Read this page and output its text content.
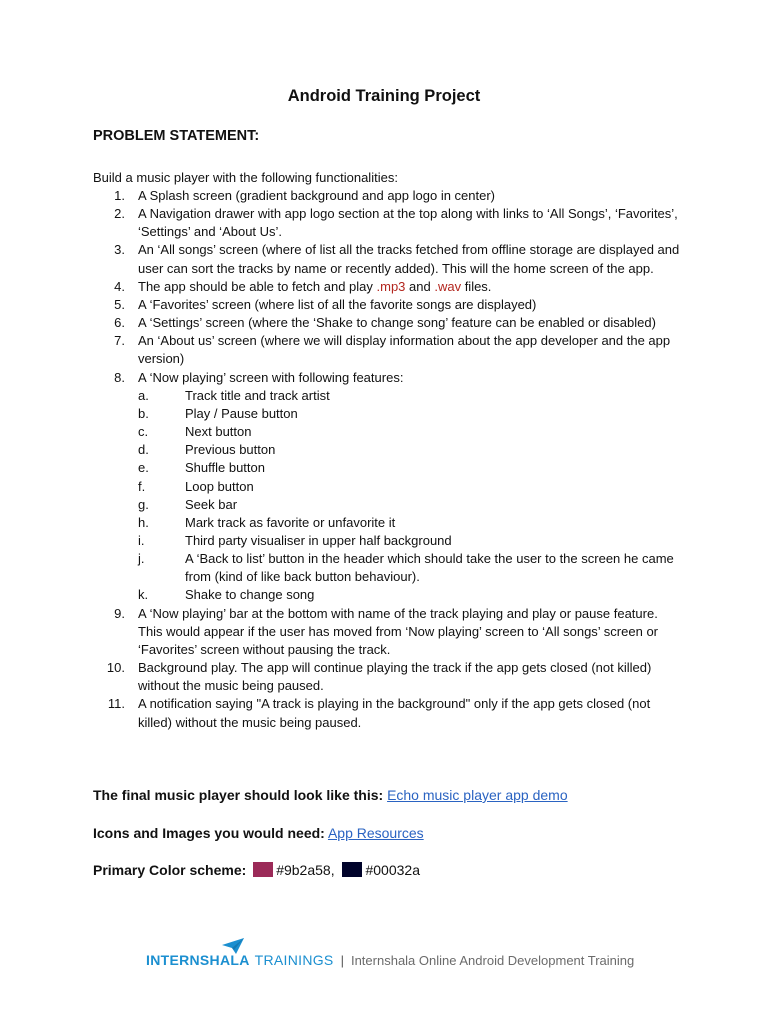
Android Training Project
PROBLEM STATEMENT:
Build a music player with the following functionalities:
1. A Splash screen (gradient background and app logo in center)
2. A Navigation drawer with app logo section at the top along with links to ‘All Songs’, ‘Favorites’, ‘Settings’ and ‘About Us’.
3. An ‘All songs’ screen (where of list all the tracks fetched from offline storage are displayed and user can sort the tracks by name or recently added). This will the home screen of the app.
4. The app should be able to fetch and play .mp3 and .wav files.
5. A ‘Favorites’ screen (where list of all the favorite songs are displayed)
6. A ‘Settings’ screen (where the ‘Shake to change song’ feature can be enabled or disabled)
7. An ‘About us’ screen (where we will display information about the app developer and the app version)
8. A ‘Now playing’ screen with following features:
a.	Track title and track artist
b.	Play / Pause button
c.	Next button
d.	Previous button
e.	Shuffle button
f.	Loop button
g.	Seek bar
h.	Mark track as favorite or unfavorite it
i.	Third party visualiser in upper half background
j.	A ‘Back to list’ button in the header which should take the user to the screen he came from (kind of like back button behaviour).
k.	Shake to change song
9. A ‘Now playing’ bar at the bottom with name of the track playing and play or pause feature. This would appear if the user has moved from ‘Now playing’ screen to ‘All songs’ screen or ‘Favorites’ screen without pausing the track.
10. Background play. The app will continue playing the track if the app gets closed (not killed) without the music being paused.
11. A notification saying "A track is playing in the background" only if the app gets closed (not killed) without the music being paused.
The final music player should look like this: Echo music player app demo
Icons and Images you would need: App Resources
Primary Color scheme: #9b2a58, #00032a
INTERNSHALA TRAININGS | Internshala Online Android Development Training
